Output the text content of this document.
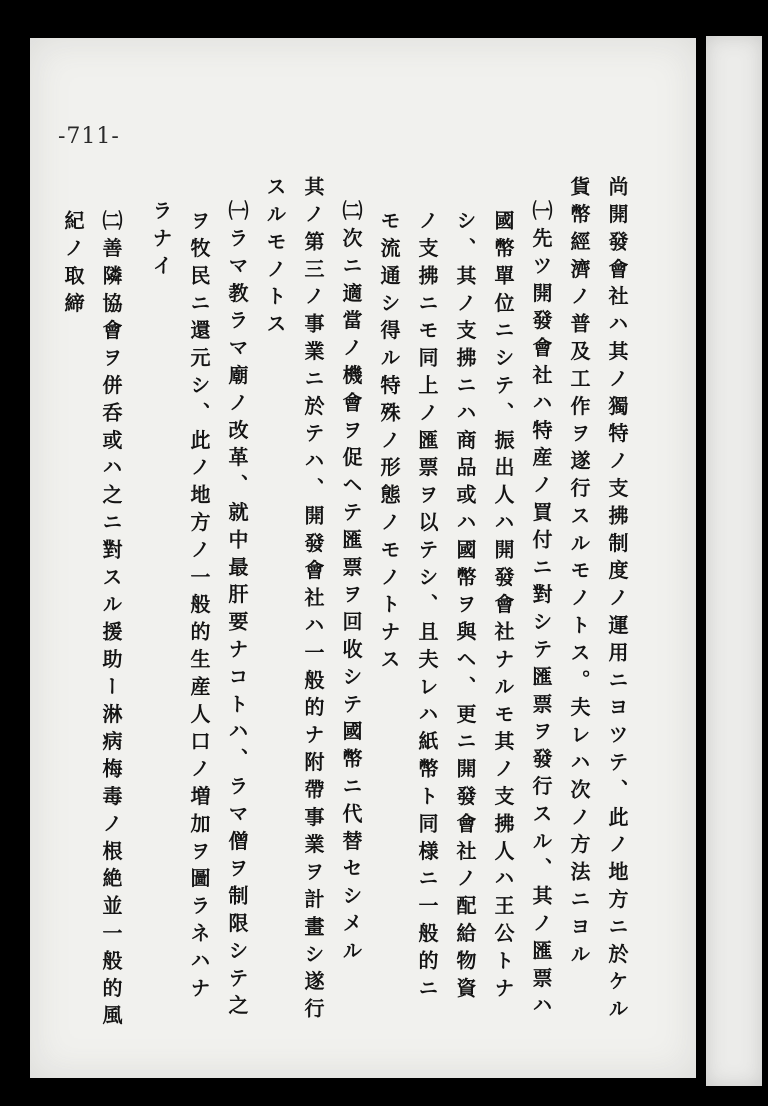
-711-
尚開發會社ハ其ノ獨特ノ支拂制度ノ運用ニヨツテ、此ノ地方ニ於ケル
貨幣經濟ノ普及工作ヲ遂行スルモノトス。夫レハ次ノ方法ニヨル
㈠先ツ開發會社ハ特産ノ買付ニ對シテ匯票ヲ發行スル、其ノ匯票ハ
國幣單位ニシテ、振出人ハ開發會社ナルモ其ノ支拂人ハ王公トナ
シ、其ノ支拂ニハ商品或ハ國幣ヲ與ヘ、更ニ開發會社ノ配給物資
ノ支拂ニモ同上ノ匯票ヲ以テシ、且夫レハ紙幣ト同様ニ一般的ニ
モ流通シ得ル特殊ノ形態ノモノトナス
㈡次ニ適當ノ機會ヲ促ヘテ匯票ヲ回收シテ國幣ニ代替セシメル
其ノ第三ノ事業ニ於テハ、開發會社ハ一般的ナ附帶事業ヲ計畫シ遂行
スルモノトス
㈠ラマ教ラマ廟ノ改革、就中最肝要ナコトハ、ラマ僧ヲ制限シテ之
ヲ牧民ニ還元シ、此ノ地方ノ一般的生産人口ノ増加ヲ圖ラネハナ
ラナイ
㈡善隣協會ヲ併呑或ハ之ニ對スル援助ー淋病梅毒ノ根絶並一般的風
紀ノ取締
